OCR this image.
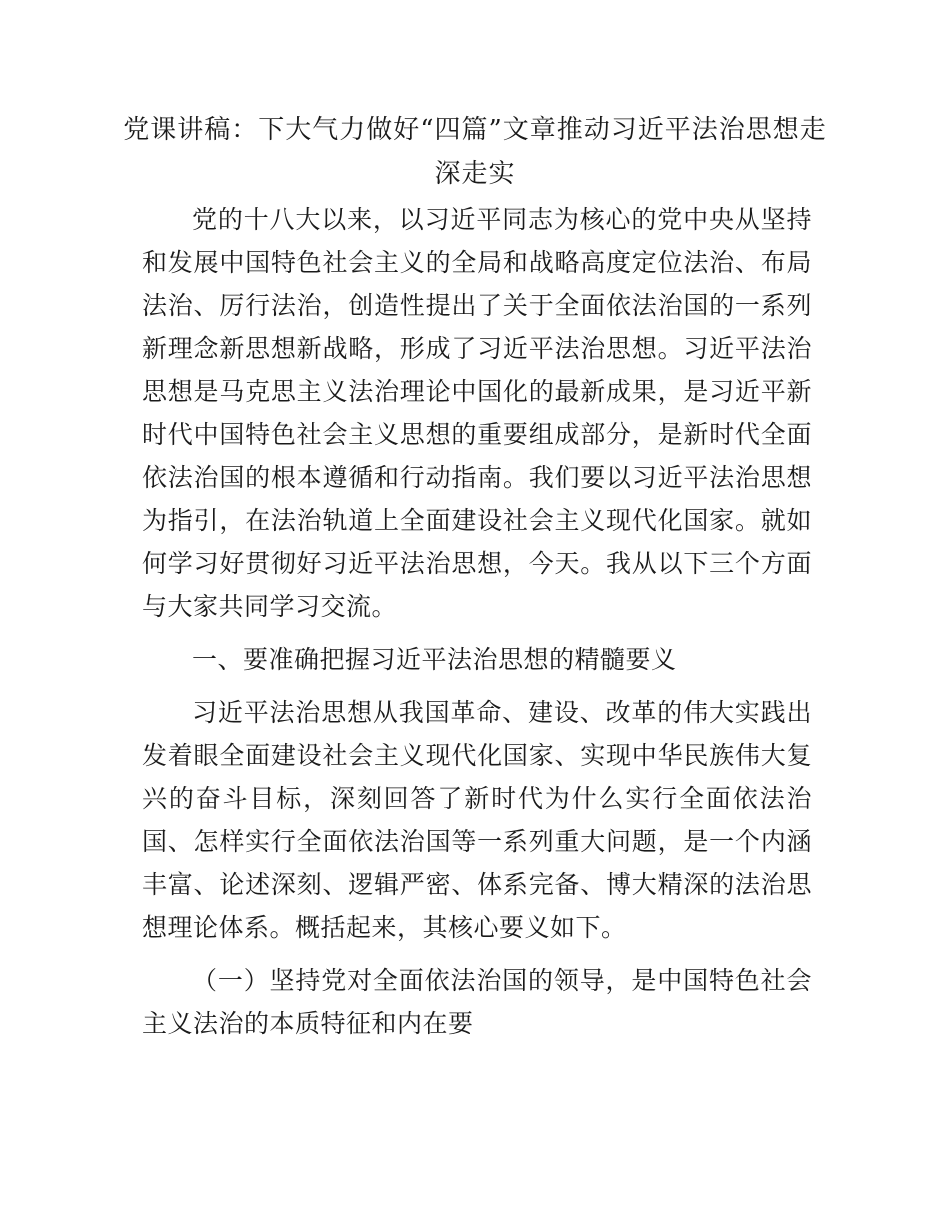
党课讲稿：下大气力做好“四篇”文章推动习近平法治思想走深走实

党的十八大以来，以习近平同志为核心的党中央从坚持和发展中国特色社会主义的全局和战略高度定位法治、布局法治、厉行法治，创造性提出了关于全面依法治国的一系列新理念新思想新战略，形成了习近平法治思想。习近平法治思想是马克思主义法治理论中国化的最新成果，是习近平新时代中国特色社会主义思想的重要组成部分，是新时代全面依法治国的根本遵循和行动指南。我们要以习近平法治思想为指引，在法治轨道上全面建设社会主义现代化国家。就如何学习好贯彻好习近平法治思想，今天。我从以下三个方面与大家共同学习交流。

一、要准确把握习近平法治思想的精髓要义

习近平法治思想从我国革命、建设、改革的伟大实践出发着眼全面建设社会主义现代化国家、实现中华民族伟大复兴的奋斗目标，深刻回答了新时代为什么实行全面依法治国、怎样实行全面依法治国等一系列重大问题，是一个内涵丰富、论述深刻、逻辑严密、体系完备、博大精深的法治思想理论体系。概括起来，其核心要义如下。

（一）坚持党对全面依法治国的领导，是中国特色社会主义法治的本质特征和内在要
